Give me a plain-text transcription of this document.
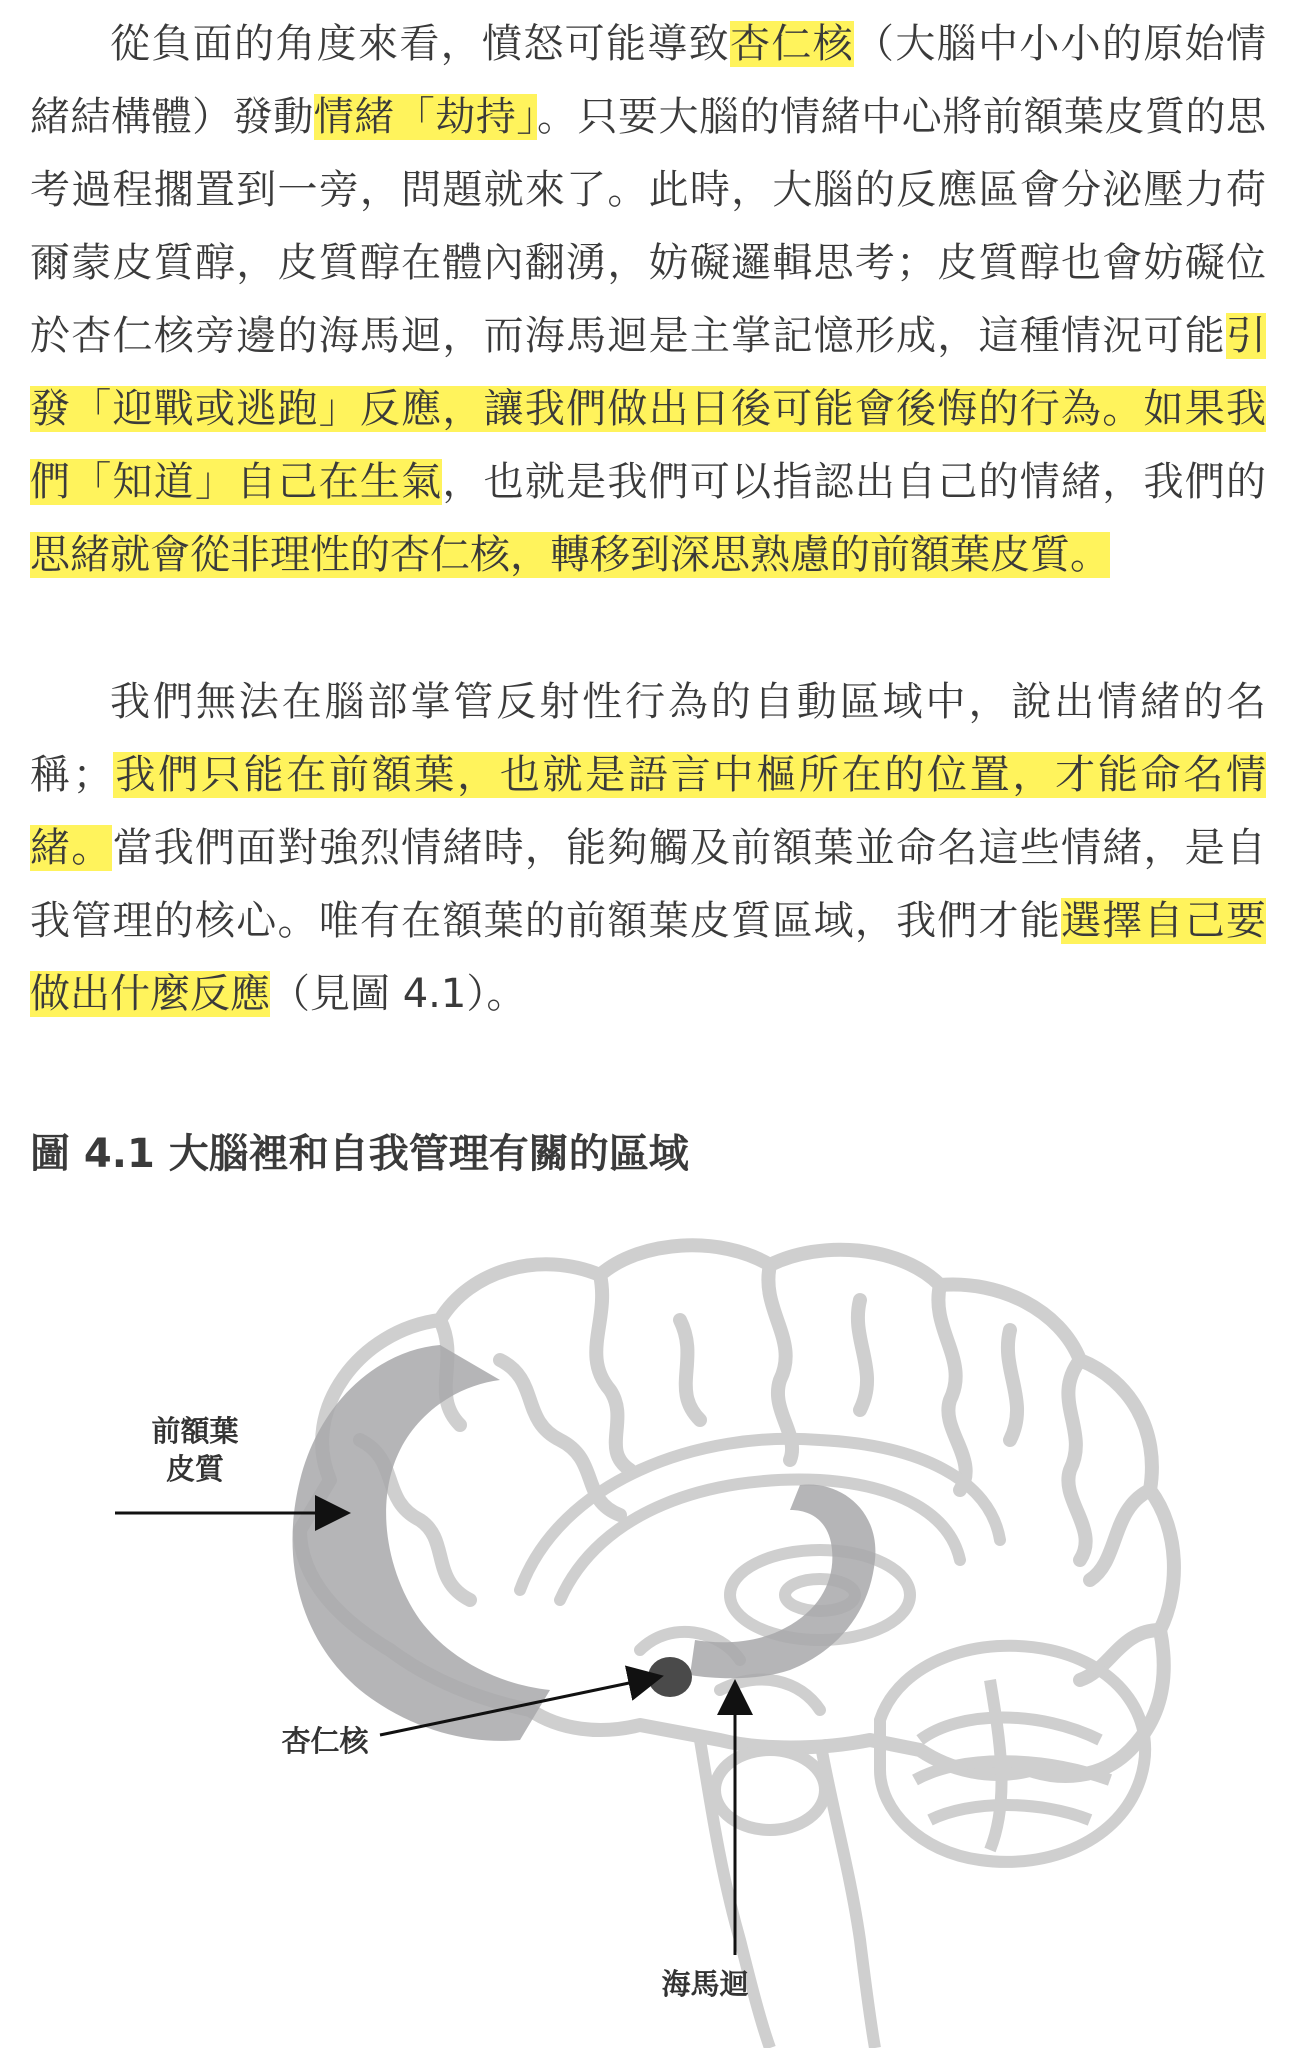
從負面的角度來看，憤怒可能導致杏仁核（大腦中小小的原始情緒結構體）發動情緒「劫持」。只要大腦的情緒中心將前額葉皮質的思考過程擱置到一旁，問題就來了。此時，大腦的反應區會分泌壓力荷爾蒙皮質醇，皮質醇在體內翻湧，妨礙邏輯思考；皮質醇也會妨礙位於杏仁核旁邊的海馬迴，而海馬迴是主掌記憶形成，這種情況可能引發「迎戰或逃跑」反應，讓我們做出日後可能會後悔的行為。如果我們「知道」自己在生氣，也就是我們可以指認出自己的情緒，我們的思緒就會從非理性的杏仁核，轉移到深思熟慮的前額葉皮質。

我們無法在腦部掌管反射性行為的自動區域中，說出情緒的名稱；我們只能在前額葉，也就是語言中樞所在的位置，才能命名情緒。當我們面對強烈情緒時，能夠觸及前額葉並命名這些情緒，是自我管理的核心。唯有在額葉的前額葉皮質區域，我們才能選擇自己要做出什麼反應（見圖 4.1）。

圖 4.1 大腦裡和自我管理有關的區域
前額葉
皮質
杏仁核
海馬迴
